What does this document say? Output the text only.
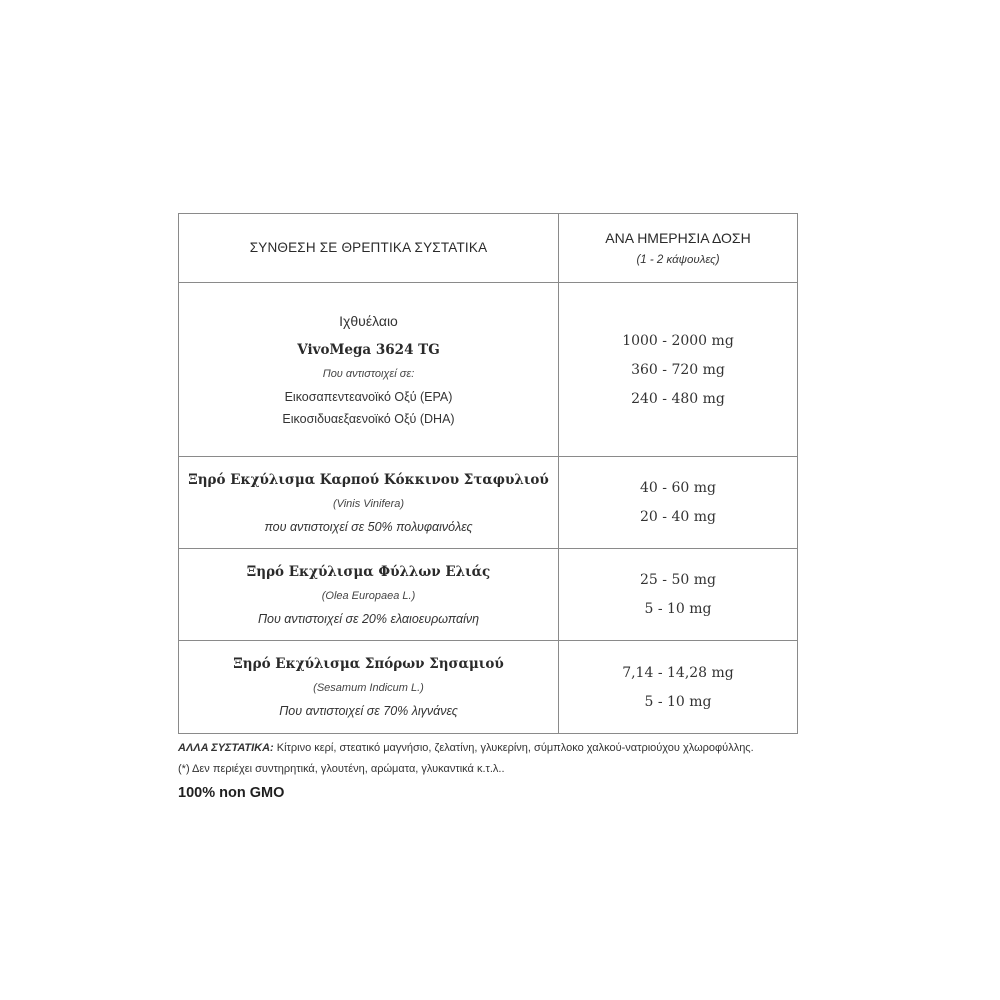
ΣΥΝΘΕΣΗ ΣΕ ΘΡΕΠΤΙΚΑ ΣΥΣΤΑΤΙΚΑ	ΑΝΑ ΗΜΕΡΗΣΙΑ ΔΟΣΗ
(1 - 2 κάψουλες)

Ιχθυέλαιο
VivoMega 3624 TG
Που αντιστοιχεί σε:
Εικοσαπεντεανοϊκό Οξύ (EPA)
Εικοσιδυαεξαενοϊκό Οξύ (DHA)	1000 - 2000 mg
360 - 720 mg
240 - 480 mg

Ξηρό Εκχύλισμα Καρπού Κόκκινου Σταφυλιού
(Vinis Vinifera)
που αντιστοιχεί σε 50% πολυφαινόλες	40 - 60 mg
20 - 40 mg

Ξηρό Εκχύλισμα Φύλλων Ελιάς
(Olea Europaea L.)
Που αντιστοιχεί σε 20% ελαιοευρωπαίνη	25 - 50 mg
5 - 10 mg

Ξηρό Εκχύλισμα Σπόρων Σησαμιού
(Sesamum Indicum L.)
Που αντιστοιχεί σε 70% λιγνάνες	7,14 - 14,28 mg
5 - 10 mg
ΑΛΛΑ ΣΥΣΤΑΤΙΚΑ: Κίτρινο κερί, στεατικό μαγνήσιο, ζελατίνη, γλυκερίνη, σύμπλοκο χαλκού-νατριούχου χλωροφύλλης.
(*) Δεν περιέχει συντηρητικά, γλουτένη, αρώματα, γλυκαντικά κ.τ.λ..
100% non GMO
